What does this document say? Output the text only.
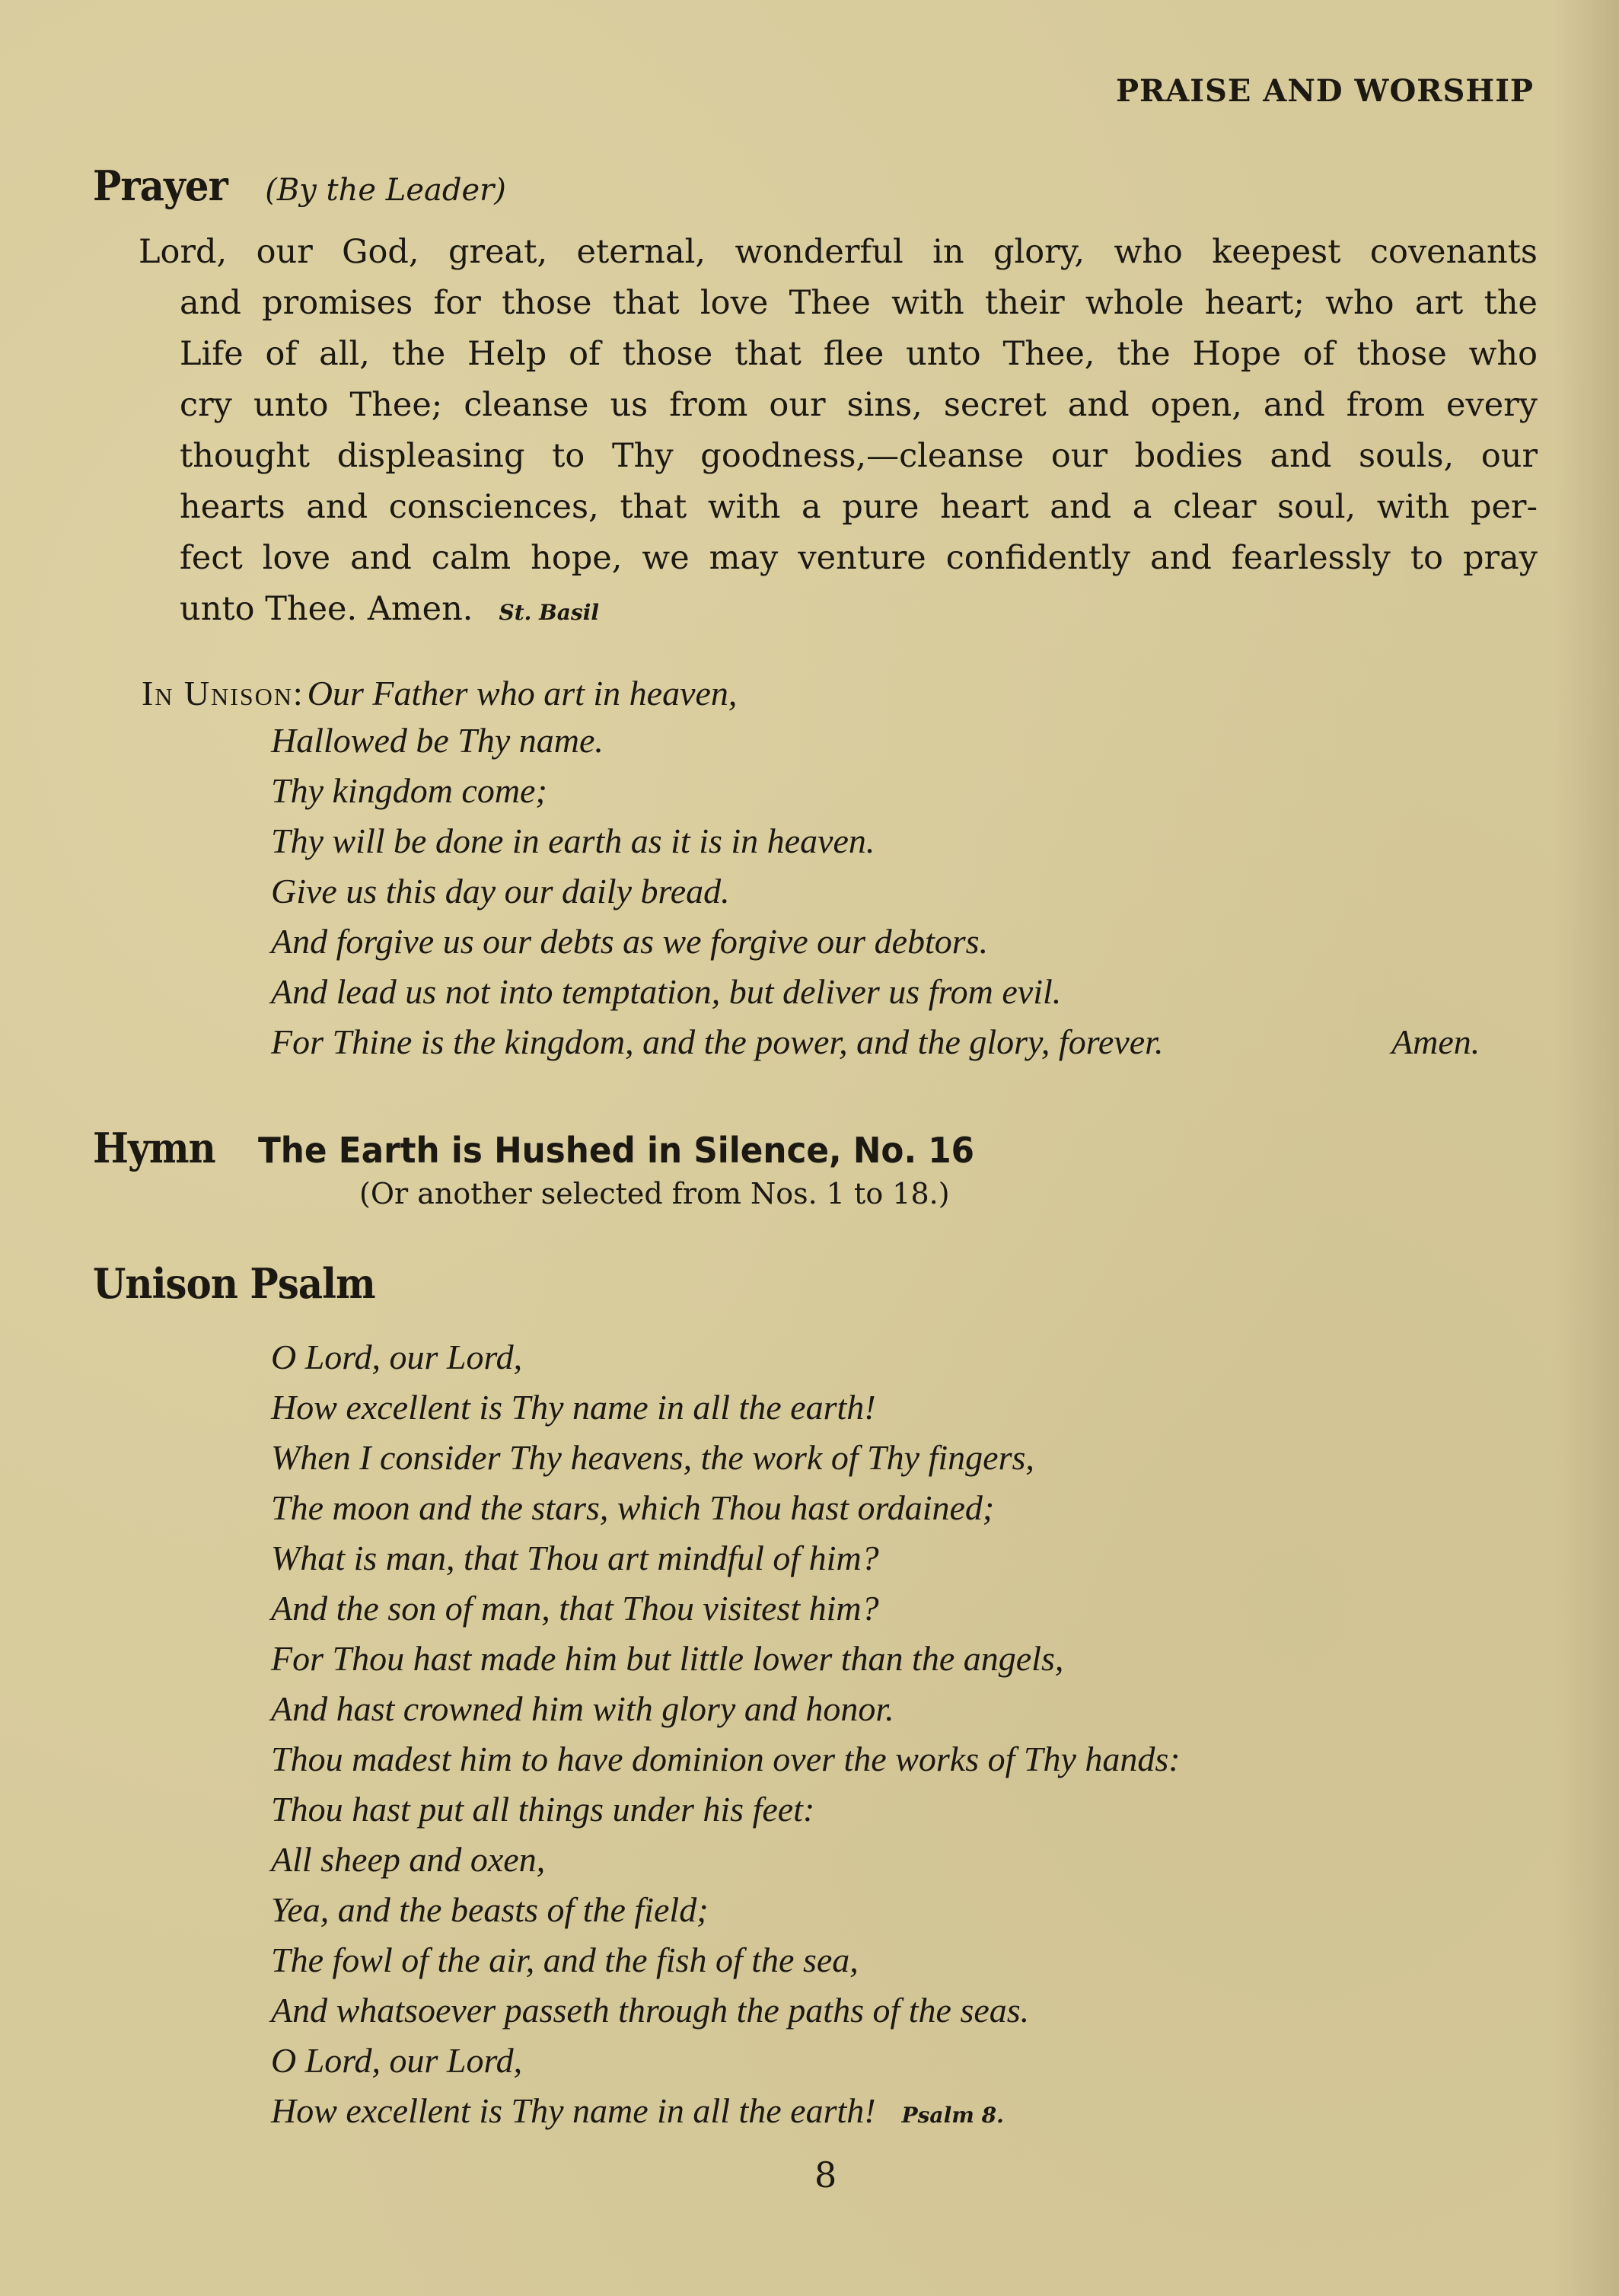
PRAISE AND WORSHIP
Prayer (By the Leader)
Lord, our God, great, eternal, wonderful in glory, who keepest covenants
and promises for those that love Thee with their whole heart; who art the
Life of all, the Help of those that flee unto Thee, the Hope of those who
cry unto Thee; cleanse us from our sins, secret and open, and from every
thought displeasing to Thy goodness,—cleanse our bodies and souls, our
hearts and consciences, that with a pure heart and a clear soul, with per-
fect love and calm hope, we may venture confidently and fearlessly to pray
unto Thee. Amen. St. Basil
In Unison: Our Father who art in heaven,
Hallowed be Thy name.
Thy kingdom come;
Thy will be done in earth as it is in heaven.
Give us this day our daily bread.
And forgive us our debts as we forgive our debtors.
And lead us not into temptation, but deliver us from evil.
For Thine is the kingdom, and the power, and the glory, forever.	Amen.
Hymn The Earth is Hushed in Silence, No. 16
(Or another selected from Nos. 1 to 18.)
Unison Psalm
O Lord, our Lord,
How excellent is Thy name in all the earth!
When I consider Thy heavens, the work of Thy fingers,
The moon and the stars, which Thou hast ordained;
What is man, that Thou art mindful of him?
And the son of man, that Thou visitest him?
For Thou hast made him but little lower than the angels,
And hast crowned him with glory and honor.
Thou madest him to have dominion over the works of Thy hands:
Thou hast put all things under his feet:
All sheep and oxen,
Yea, and the beasts of the field;
The fowl of the air, and the fish of the sea,
And whatsoever passeth through the paths of the seas.
O Lord, our Lord,
How excellent is Thy name in all the earth! Psalm 8.
8
